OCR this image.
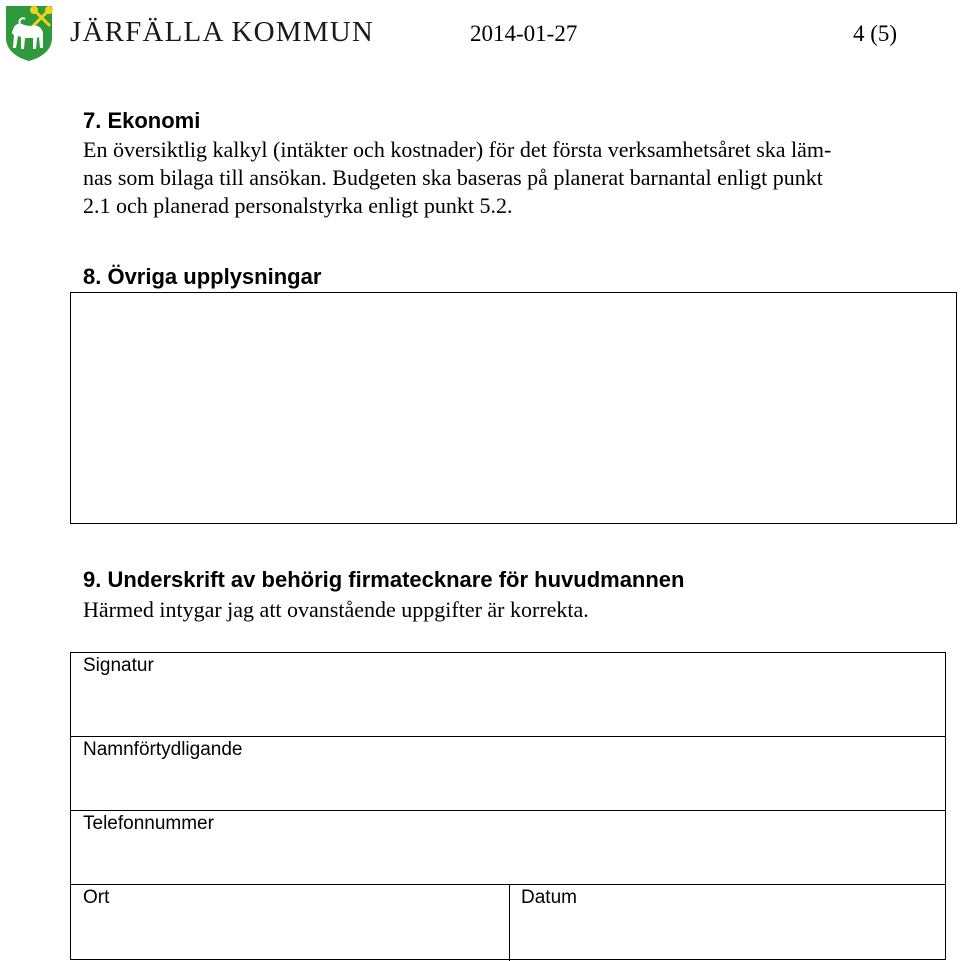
JÄRFÄLLA KOMMUN	2014-01-27	4 (5)
7. Ekonomi
En översiktlig kalkyl (intäkter och kostnader) för det första verksamhetsåret ska läm-
nas som bilaga till ansökan. Budgeten ska baseras på planerat barnantal enligt punkt
2.1 och planerad personalstyrka enligt punkt 5.2.
8. Övriga upplysningar
9. Underskrift av behörig firmatecknare för huvudmannen
Härmed intygar jag att ovanstående uppgifter är korrekta.
Signatur
Namnförtydligande
Telefonnummer
Ort	Datum
